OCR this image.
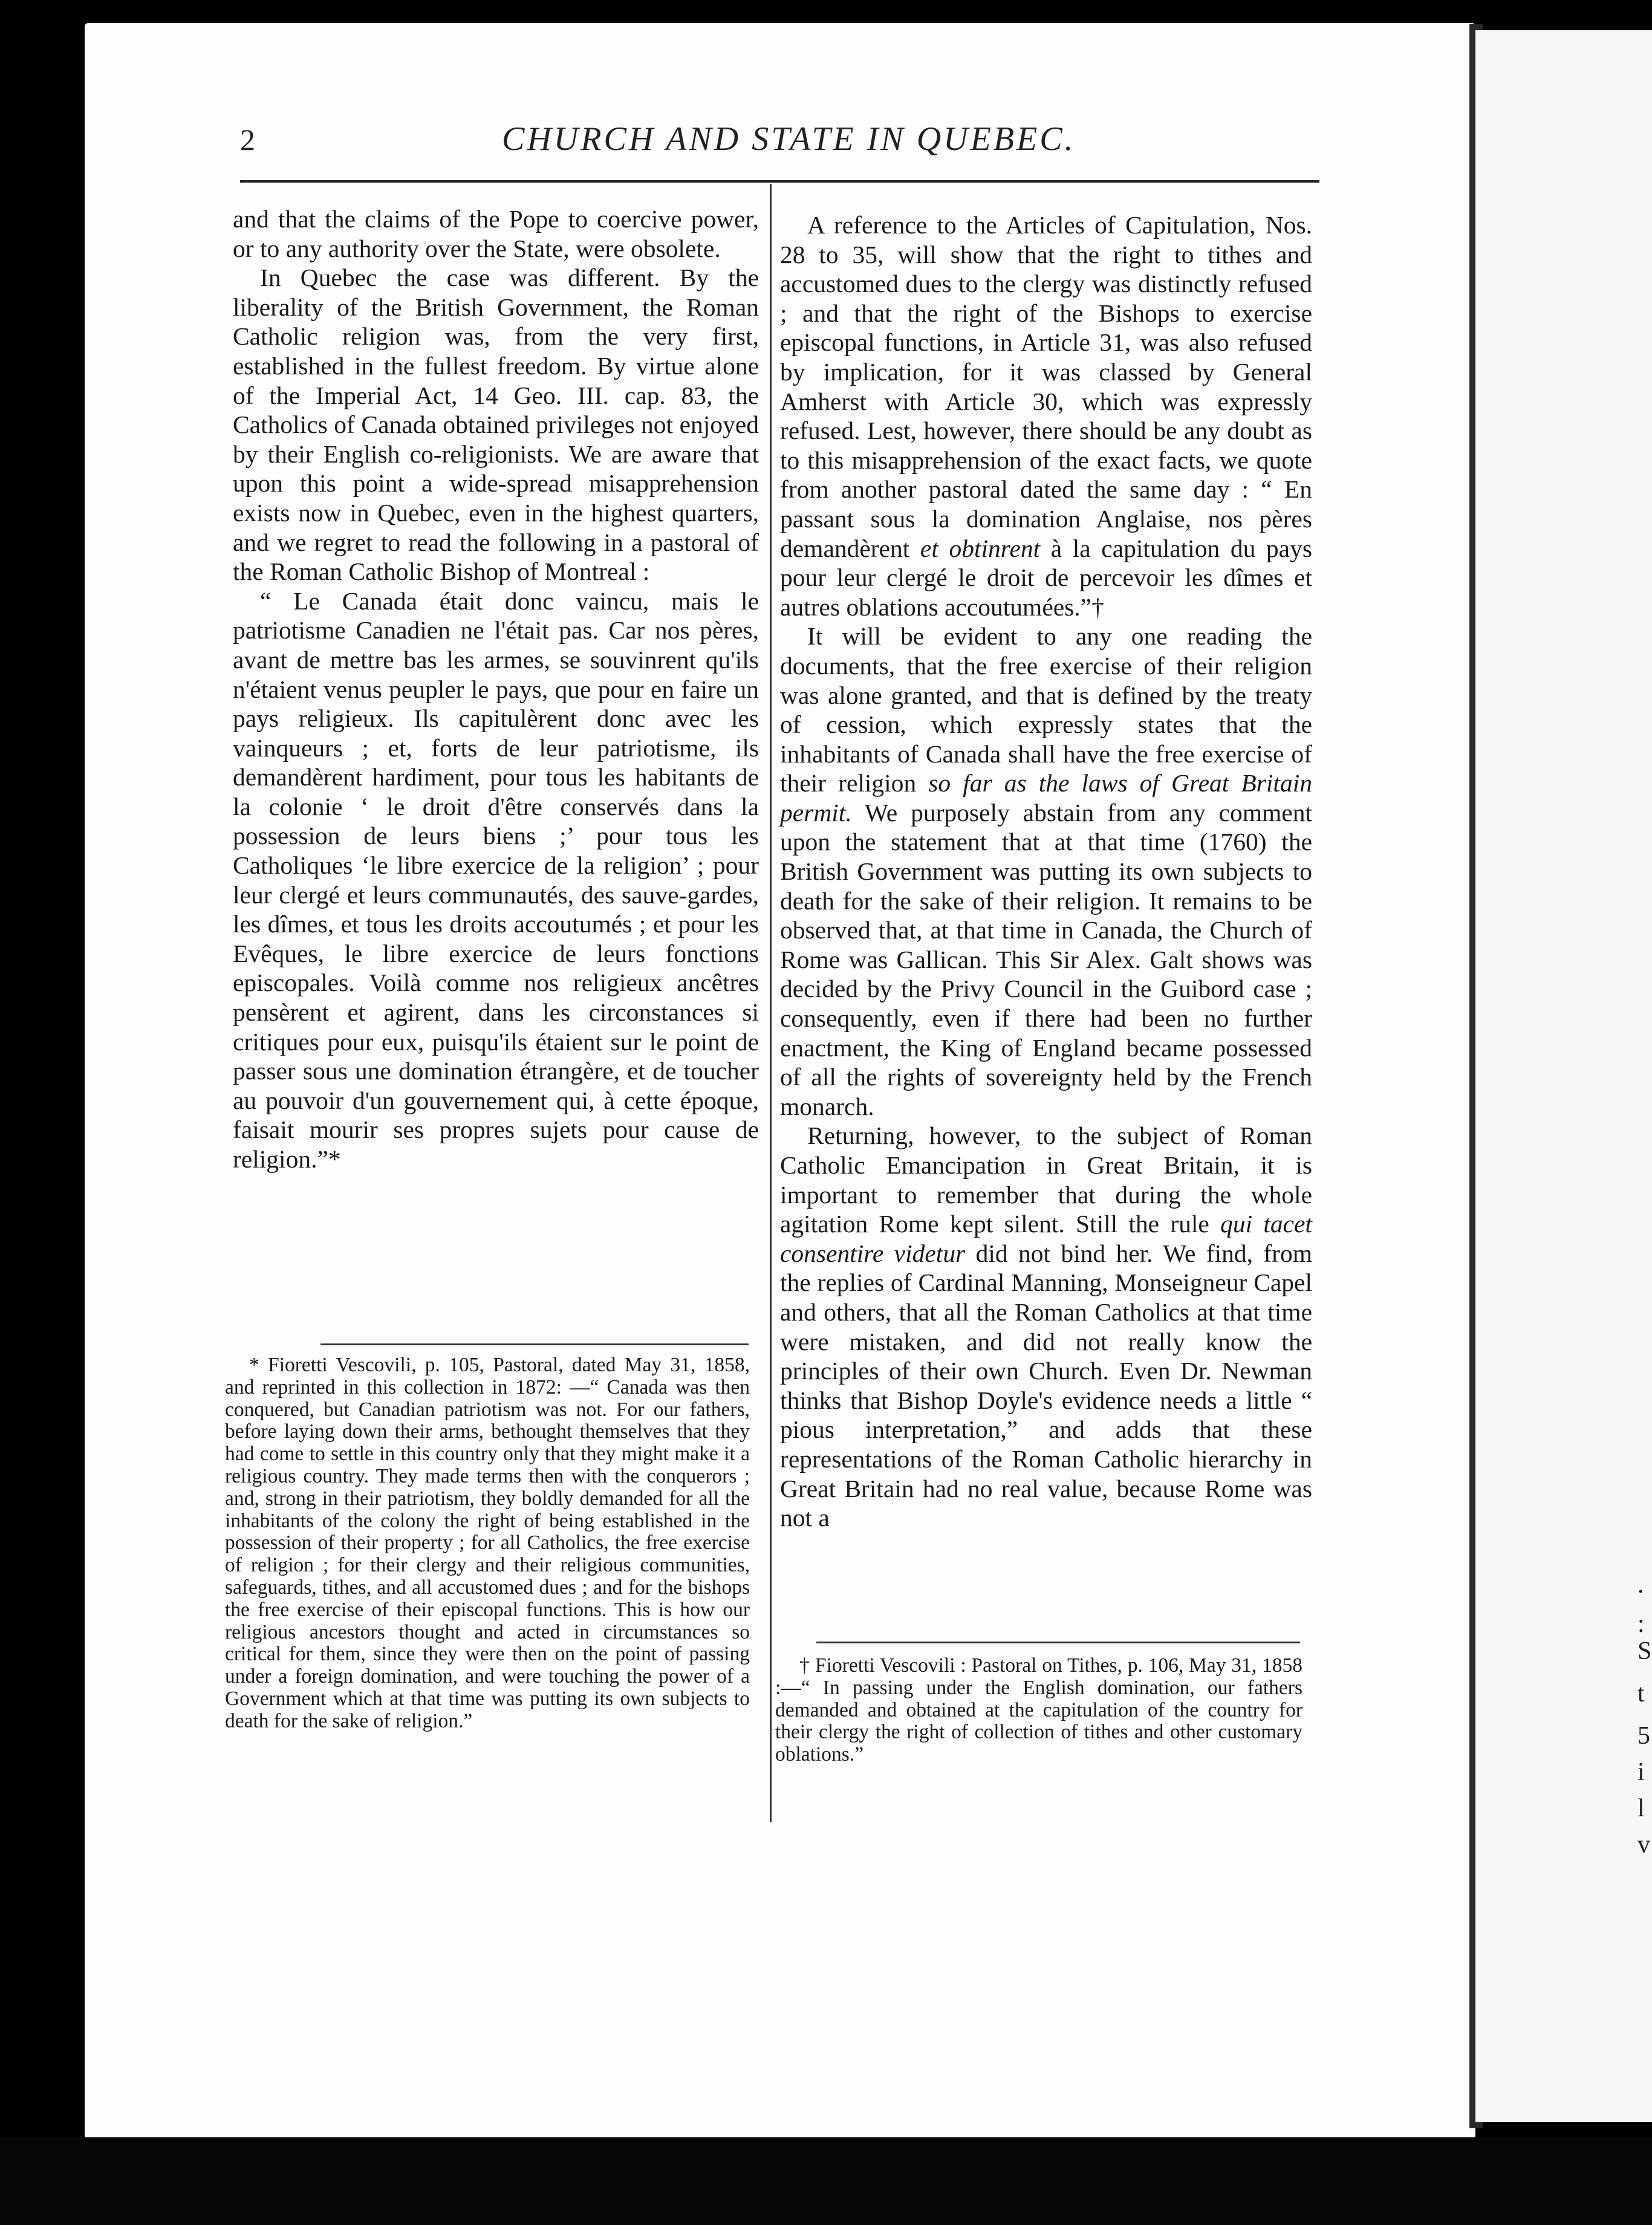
.
:
S
t
5
i
l
v
2	CHURCH AND STATE IN QUEBEC.

and that the claims of the Pope to coercive power, or to any authority over the State, were obsolete.

In Quebec the case was different. By the liberality of the British Government, the Roman Catholic religion was, from the very first, established in the fullest freedom. By virtue alone of the Imperial Act, 14 Geo. III. cap. 83, the Catholics of Canada obtained privileges not enjoyed by their English co-religionists. We are aware that upon this point a wide-spread misapprehension exists now in Quebec, even in the highest quarters, and we regret to read the following in a pastoral of the Roman Catholic Bishop of Montreal :

“ Le Canada était donc vaincu, mais le patriotisme Canadien ne l'était pas. Car nos pères, avant de mettre bas les armes, se souvinrent qu'ils n'étaient venus peupler le pays, que pour en faire un pays religieux. Ils capitulèrent donc avec les vainqueurs ; et, forts de leur patriotisme, ils demandèrent hardiment, pour tous les habitants de la colonie ‘ le droit d'être conservés dans la possession de leurs biens ;’ pour tous les Catholiques ‘le libre exercice de la religion’ ; pour leur clergé et leurs communautés, des sauve-gardes, les dîmes, et tous les droits accoutumés ; et pour les Evêques, le libre exercice de leurs fonctions episcopales. Voilà comme nos religieux ancêtres pensèrent et agirent, dans les circonstances si critiques pour eux, puisqu'ils étaient sur le point de passer sous une domination étrangère, et de toucher au pouvoir d'un gouvernement qui, à cette époque, faisait mourir ses propres sujets pour cause de religion.”*

* Fioretti Vescovili, p. 105, Pastoral, dated May 31, 1858, and reprinted in this collection in 1872: —“ Canada was then conquered, but Canadian patriotism was not. For our fathers, before laying down their arms, bethought themselves that they had come to settle in this country only that they might make it a religious country. They made terms then with the conquerors ; and, strong in their patriotism, they boldly demanded for all the inhabitants of the colony the right of being established in the possession of their property ; for all Catholics, the free exercise of religion ; for their clergy and their religious communities, safeguards, tithes, and all accustomed dues ; and for the bishops the free exercise of their episcopal functions. This is how our religious ancestors thought and acted in circumstances so critical for them, since they were then on the point of passing under a foreign domination, and were touching the power of a Government which at that time was putting its own subjects to death for the sake of religion.”

A reference to the Articles of Capitulation, Nos. 28 to 35, will show that the right to tithes and accustomed dues to the clergy was distinctly refused ; and that the right of the Bishops to exercise episcopal functions, in Article 31, was also refused by implication, for it was classed by General Amherst with Article 30, which was expressly refused. Lest, however, there should be any doubt as to this misapprehension of the exact facts, we quote from another pastoral dated the same day : “ En passant sous la domination Anglaise, nos pères demandèrent et obtinrent à la capitulation du pays pour leur clergé le droit de percevoir les dîmes et autres oblations accoutumées.”†

It will be evident to any one reading the documents, that the free exercise of their religion was alone granted, and that is defined by the treaty of cession, which expressly states that the inhabitants of Canada shall have the free exercise of their religion so far as the laws of Great Britain permit. We purposely abstain from any comment upon the statement that at that time (1760) the British Government was putting its own subjects to death for the sake of their religion. It remains to be observed that, at that time in Canada, the Church of Rome was Gallican. This Sir Alex. Galt shows was decided by the Privy Council in the Guibord case ; consequently, even if there had been no further enactment, the King of England became possessed of all the rights of sovereignty held by the French monarch.

Returning, however, to the subject of Roman Catholic Emancipation in Great Britain, it is important to remember that during the whole agitation Rome kept silent. Still the rule qui tacet consentire videtur did not bind her. We find, from the replies of Cardinal Manning, Monseigneur Capel and others, that all the Roman Catholics at that time were mistaken, and did not really know the principles of their own Church. Even Dr. Newman thinks that Bishop Doyle's evidence needs a little “ pious interpretation,” and adds that these representations of the Roman Catholic hierarchy in Great Britain had no real value, because Rome was not a

† Fioretti Vescovili : Pastoral on Tithes, p. 106, May 31, 1858 :—“ In passing under the English domination, our fathers demanded and obtained at the capitulation of the country for their clergy the right of collection of tithes and other customary oblations.”
